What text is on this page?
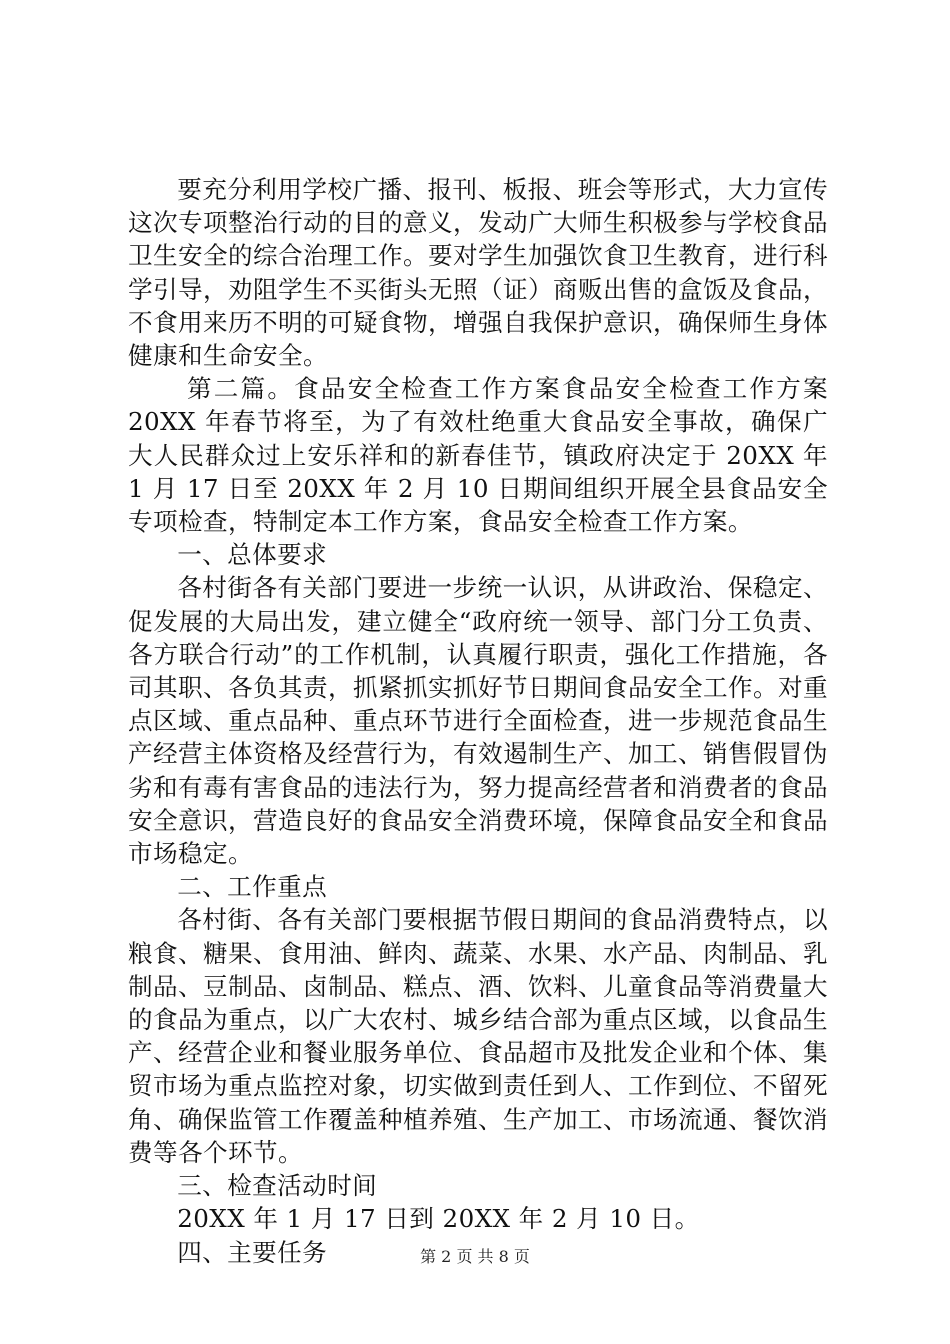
要充分利用学校广播、报刊、板报、班会等形式，大力宣传这次专项整治行动的目的意义，发动广大师生积极参与学校食品卫生安全的综合治理工作。要对学生加强饮食卫生教育，进行科学引导，劝阻学生不买街头无照（证）商贩出售的盒饭及食品，不食用来历不明的可疑食物，增强自我保护意识，确保师生身体健康和生命安全。

第二篇。食品安全检查工作方案食品安全检查工作方案 20XX 年春节将至，为了有效杜绝重大食品安全事故，确保广大人民群众过上安乐祥和的新春佳节，镇政府决定于 20XX 年 1 月 17 日至 20XX 年 2 月 10 日期间组织开展全县食品安全专项检查，特制定本工作方案，食品安全检查工作方案。

一、总体要求

各村街各有关部门要进一步统一认识，从讲政治、保稳定、促发展的大局出发，建立健全“政府统一领导、部门分工负责、各方联合行动”的工作机制，认真履行职责，强化工作措施，各司其职、各负其责，抓紧抓实抓好节日期间食品安全工作。对重点区域、重点品种、重点环节进行全面检查，进一步规范食品生产经营主体资格及经营行为，有效遏制生产、加工、销售假冒伪劣和有毒有害食品的违法行为，努力提高经营者和消费者的食品安全意识，营造良好的食品安全消费环境，保障食品安全和食品市场稳定。

二、工作重点

各村街、各有关部门要根据节假日期间的食品消费特点，以粮食、糖果、食用油、鲜肉、蔬菜、水果、水产品、肉制品、乳制品、豆制品、卤制品、糕点、酒、饮料、儿童食品等消费量大的食品为重点，以广大农村、城乡结合部为重点区域，以食品生产、经营企业和餐业服务单位、食品超市及批发企业和个体、集贸市场为重点监控对象，切实做到责任到人、工作到位、不留死角、确保监管工作覆盖种植养殖、生产加工、市场流通、餐饮消费等各个环节。

三、检查活动时间

20XX 年 1 月 17 日到 20XX 年 2 月 10 日。

四、主要任务	第 2 页 共 8 页
